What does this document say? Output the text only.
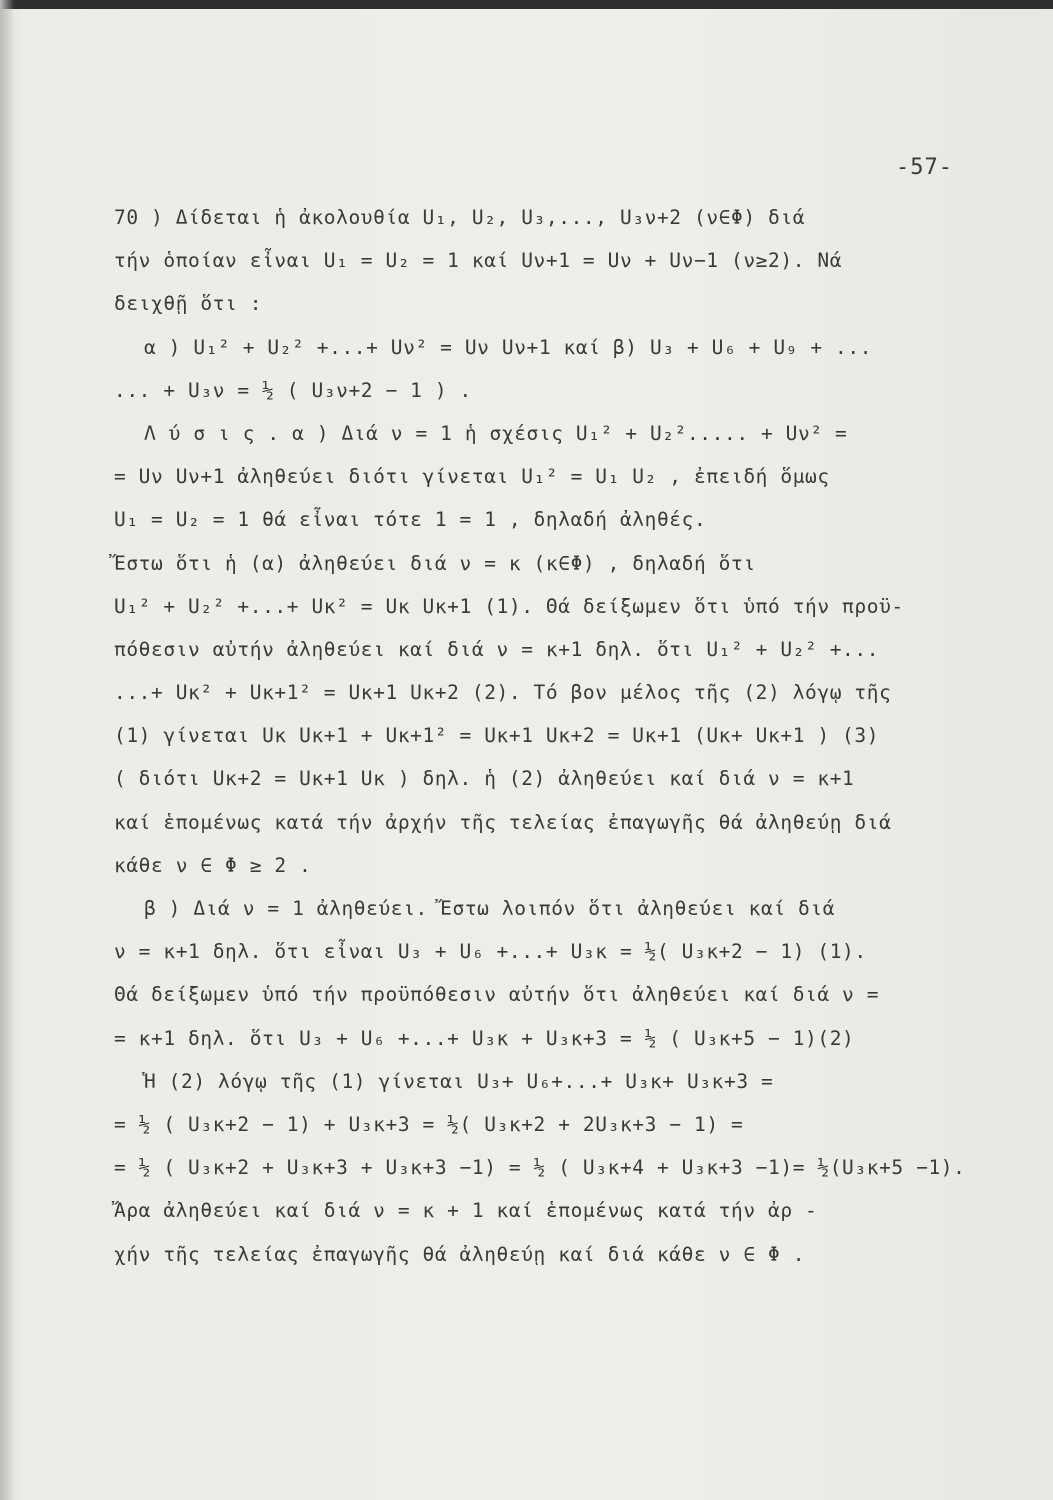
-57-
70 ) Δίδεται ἡ ἀκολουθία U₁, U₂, U₃,..., U₃ν+2 (ν∈Φ) διά
τήν ὁποίαν εἶναι U₁ = U₂ = 1 καί Uν+1 = Uν + Uν−1 (ν≥2). Νά
δειχθῇ ὅτι :
α ) U₁² + U₂² +...+ Uν² = Uν Uν+1 καί β) U₃ + U₆ + U₉ + ...
... + U₃ν = ½ ( U₃ν+2 − 1 ) .
Λ ύ σ ι ς . α ) Διά ν = 1 ἡ σχέσις U₁² + U₂²..... + Uν² =
= Uν Uν+1 ἀληθεύει διότι γίνεται U₁² = U₁ U₂ , ἐπειδή ὅμως
U₁ = U₂ = 1 θά εἶναι τότε 1 = 1 , δηλαδή ἀληθές.
Ἔστω ὅτι ἡ (α) ἀληθεύει διά ν = κ (κ∈Φ) , δηλαδή ὅτι
U₁² + U₂² +...+ Uκ² = Uκ Uκ+1 (1). Θά δείξωμεν ὅτι ὑπό τήν προϋ-
πόθεσιν αὐτήν ἀληθεύει καί διά ν = κ+1 δηλ. ὅτι U₁² + U₂² +...
...+ Uκ² + Uκ+1² = Uκ+1 Uκ+2 (2). Τό βον μέλος τῆς (2) λόγῳ τῆς
(1) γίνεται Uκ Uκ+1 + Uκ+1² = Uκ+1 Uκ+2 = Uκ+1 (Uκ+ Uκ+1 ) (3)
( διότι Uκ+2 = Uκ+1 Uκ ) δηλ. ἡ (2) ἀληθεύει καί διά ν = κ+1
καί ἑπομένως κατά τήν ἀρχήν τῆς τελείας ἐπαγωγῆς θά ἀληθεύῃ διά
κάθε ν ∈ Φ ≥ 2 .
β ) Διά ν = 1 ἀληθεύει. Ἔστω λοιπόν ὅτι ἀληθεύει καί διά
ν = κ+1 δηλ. ὅτι εἶναι U₃ + U₆ +...+ U₃κ = ½( U₃κ+2 − 1) (1).
Θά δείξωμεν ὑπό τήν προϋπόθεσιν αὐτήν ὅτι ἀληθεύει καί διά ν =
= κ+1 δηλ. ὅτι U₃ + U₆ +...+ U₃κ + U₃κ+3 = ½ ( U₃κ+5 − 1)(2)
Ἡ (2) λόγῳ τῆς (1) γίνεται U₃+ U₆+...+ U₃κ+ U₃κ+3 =
= ½ ( U₃κ+2 − 1) + U₃κ+3 = ½( U₃κ+2 + 2U₃κ+3 − 1) =
= ½ ( U₃κ+2 + U₃κ+3 + U₃κ+3 −1) = ½ ( U₃κ+4 + U₃κ+3 −1)= ½(U₃κ+5 −1).
Ἄρα ἀληθεύει καί διά ν = κ + 1 καί ἑπομένως κατά τήν ἀρ -
χήν τῆς τελείας ἐπαγωγῆς θά ἀληθεύῃ καί διά κάθε ν ∈ Φ .
